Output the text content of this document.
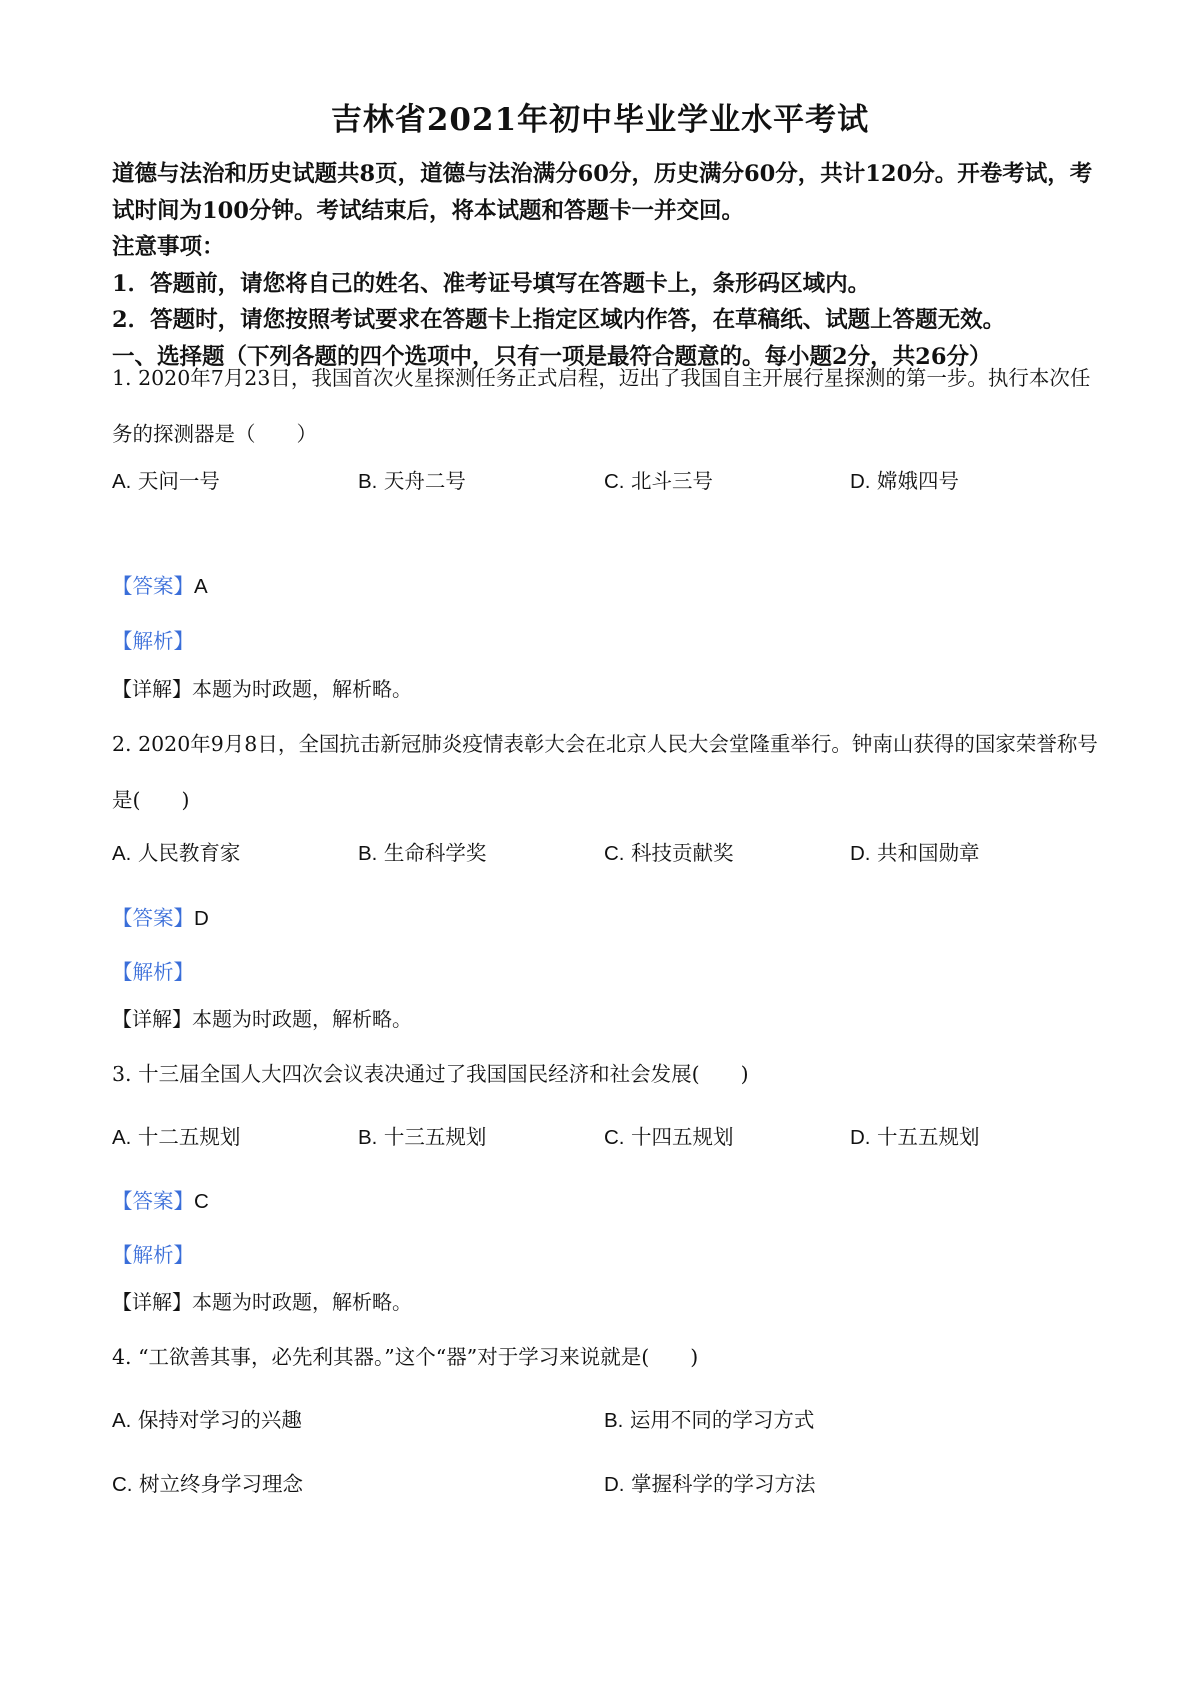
吉林省2021年初中毕业学业水平考试

道德与法治和历史试题共8页，道德与法治满分60分，历史满分60分，共计120分。开卷考试，考试时间为100分钟。考试结束后，将本试题和答题卡一并交回。

注意事项：

1．答题前，请您将自己的姓名、准考证号填写在答题卡上，条形码区域内。

2．答题时，请您按照考试要求在答题卡上指定区域内作答，在草稿纸、试题上答题无效。

一、选择题（下列各题的四个选项中，只有一项是最符合题意的。每小题2分，共26分）

1. 2020年7月23日，我国首次火星探测任务正式启程，迈出了我国自主开展行星探测的第一步。执行本次任务的探测器是（　　）
A. 天问一号	B. 天舟二号	C. 北斗三号	D. 嫦娥四号
【答案】A
【解析】
【详解】本题为时政题，解析略。
2. 2020年9月8日，全国抗击新冠肺炎疫情表彰大会在北京人民大会堂隆重举行。钟南山获得的国家荣誉称号是(　　)
A. 人民教育家	B. 生命科学奖	C. 科技贡献奖	D. 共和国勋章
【答案】D
【解析】
【详解】本题为时政题，解析略。
3. 十三届全国人大四次会议表决通过了我国国民经济和社会发展(　　)
A. 十二五规划	B. 十三五规划	C. 十四五规划	D. 十五五规划
【答案】C
【解析】
【详解】本题为时政题，解析略。
4. “工欲善其事，必先利其器。”这个“器”对于学习来说就是(　　)
A. 保持对学习的兴趣	B. 运用不同的学习方式
C. 树立终身学习理念	D. 掌握科学的学习方法
